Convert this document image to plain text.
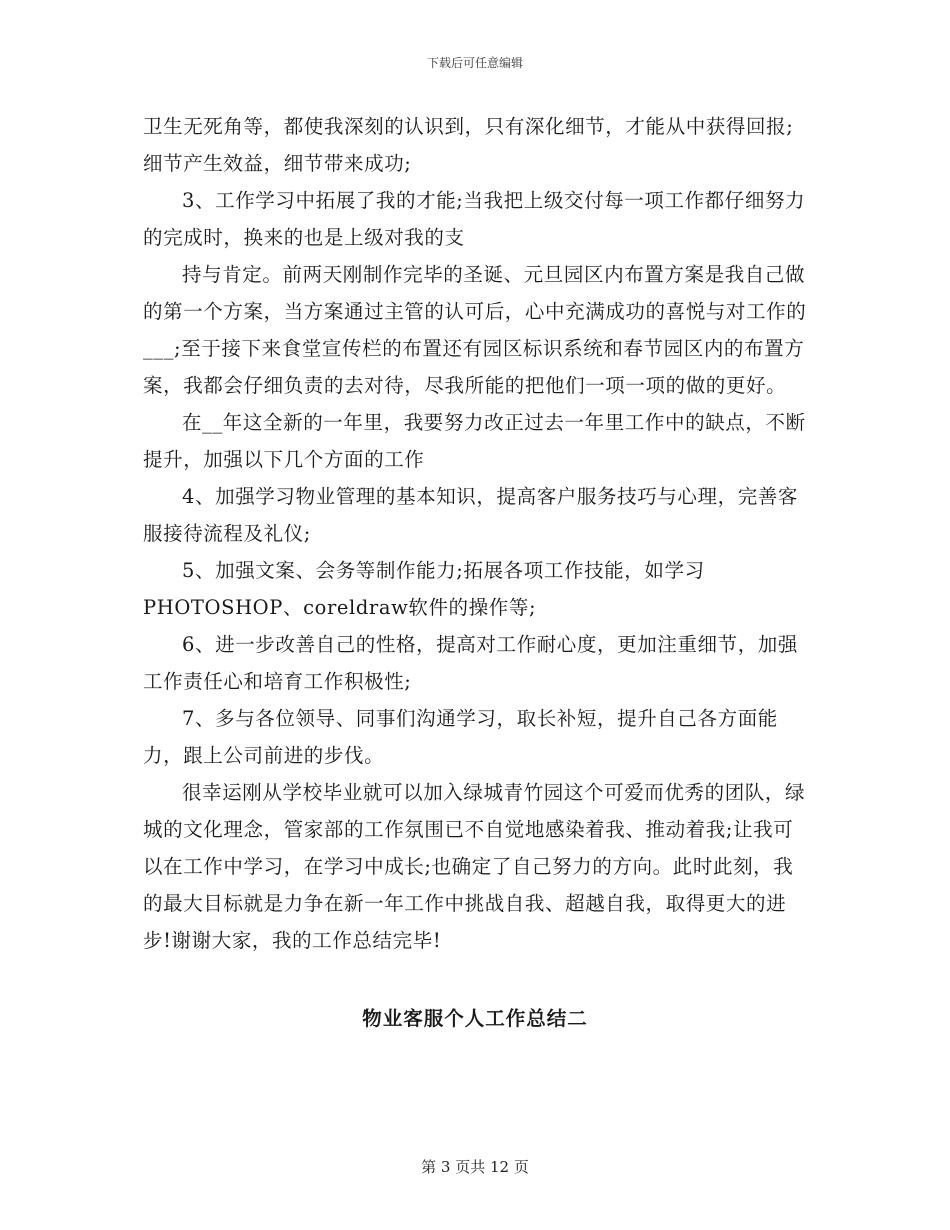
下载后可任意编辑

卫生无死角等，都使我深刻的认识到，只有深化细节，才能从中获得回报;细节产生效益，细节带来成功;

3、工作学习中拓展了我的才能;当我把上级交付每一项工作都仔细努力的完成时，换来的也是上级对我的支

持与肯定。前两天刚制作完毕的圣诞、元旦园区内布置方案是我自己做的第一个方案，当方案通过主管的认可后，心中充满成功的喜悦与对工作的___;至于接下来食堂宣传栏的布置还有园区标识系统和春节园区内的布置方案，我都会仔细负责的去对待，尽我所能的把他们一项一项的做的更好。

在__年这全新的一年里，我要努力改正过去一年里工作中的缺点，不断提升，加强以下几个方面的工作

4、加强学习物业管理的基本知识，提高客户服务技巧与心理，完善客服接待流程及礼仪;

5、加强文案、会务等制作能力;拓展各项工作技能，如学习PHOTOSHOP、coreldraw软件的操作等;

6、进一步改善自己的性格，提高对工作耐心度，更加注重细节，加强工作责任心和培育工作积极性;

7、多与各位领导、同事们沟通学习，取长补短，提升自己各方面能力，跟上公司前进的步伐。

很幸运刚从学校毕业就可以加入绿城青竹园这个可爱而优秀的团队，绿城的文化理念，管家部的工作氛围已不自觉地感染着我、推动着我;让我可以在工作中学习，在学习中成长;也确定了自己努力的方向。此时此刻，我的最大目标就是力争在新一年工作中挑战自我、超越自我，取得更大的进步!谢谢大家，我的工作总结完毕!

物业客服个人工作总结二
第 3 页共 12 页
